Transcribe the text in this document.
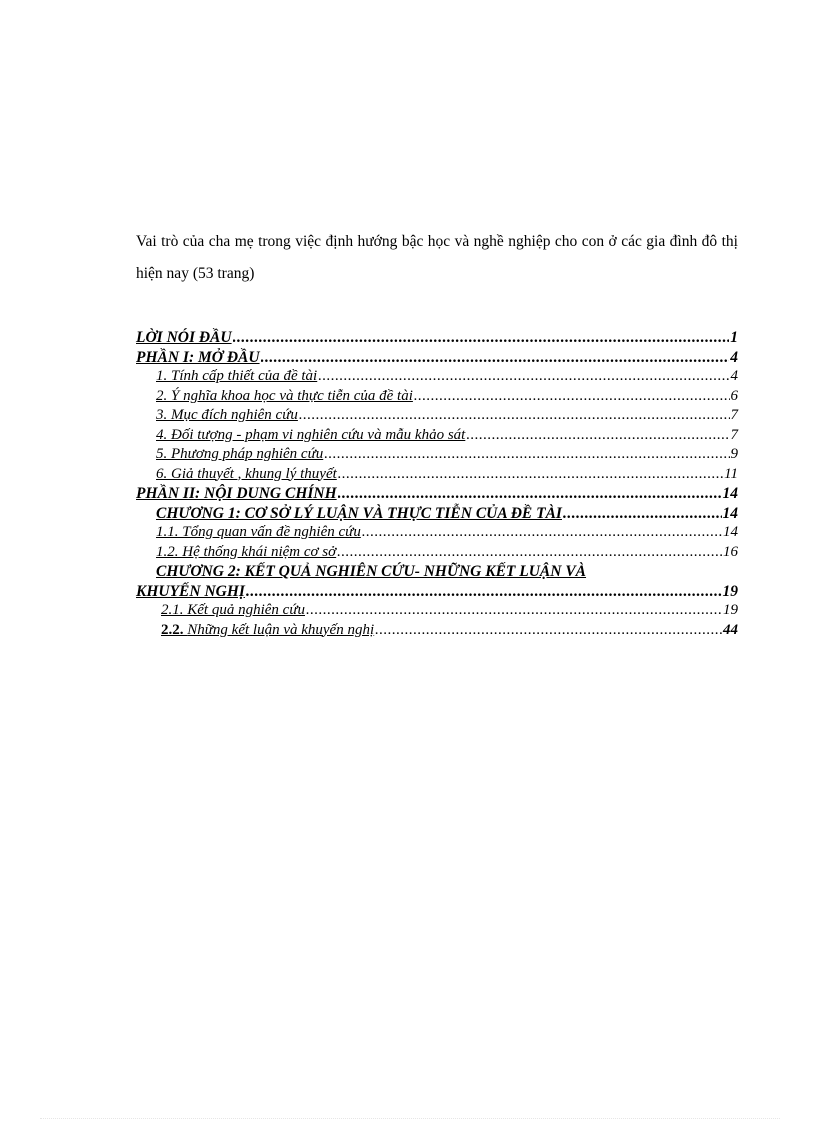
Vai trò của cha mẹ trong việc định hướng bậc học và nghề nghiệp cho con ở các gia đình đô thị hiện nay (53 trang)
LỜI NÓI ĐẦU .....	1
PHẦN I: MỞ ĐẦU .....	4
1. Tính cấp thiết của đề tài .....	4
2. Ý nghĩa khoa học và thực tiễn của đề tài .....	6
3. Mục đích nghiên cứu .....	7
4. Đối tượng - phạm vi nghiên cứu và mẫu khảo sát .....	7
5. Phương pháp nghiên cứu .....	9
6. Giả thuyết , khung lý thuyết .....	11
PHẦN II: NỘI DUNG CHÍNH .....	14
CHƯƠNG 1: CƠ SỞ LÝ LUẬN VÀ THỰC TIỄN CỦA ĐỀ TÀI .....	14
1.1. Tổng quan vấn đề nghiên cứu .....	14
1.2. Hệ thống khái niệm cơ sở .....	16
CHƯƠNG 2: KẾT QUẢ NGHIÊN CỨU- NHỮNG KẾT LUẬN VÀ
KHUYẾN NGHỊ .....	19
2.1. Kết quả nghiên cứu .....	19
2.2. Những kết luận và khuyến nghị .....	44
